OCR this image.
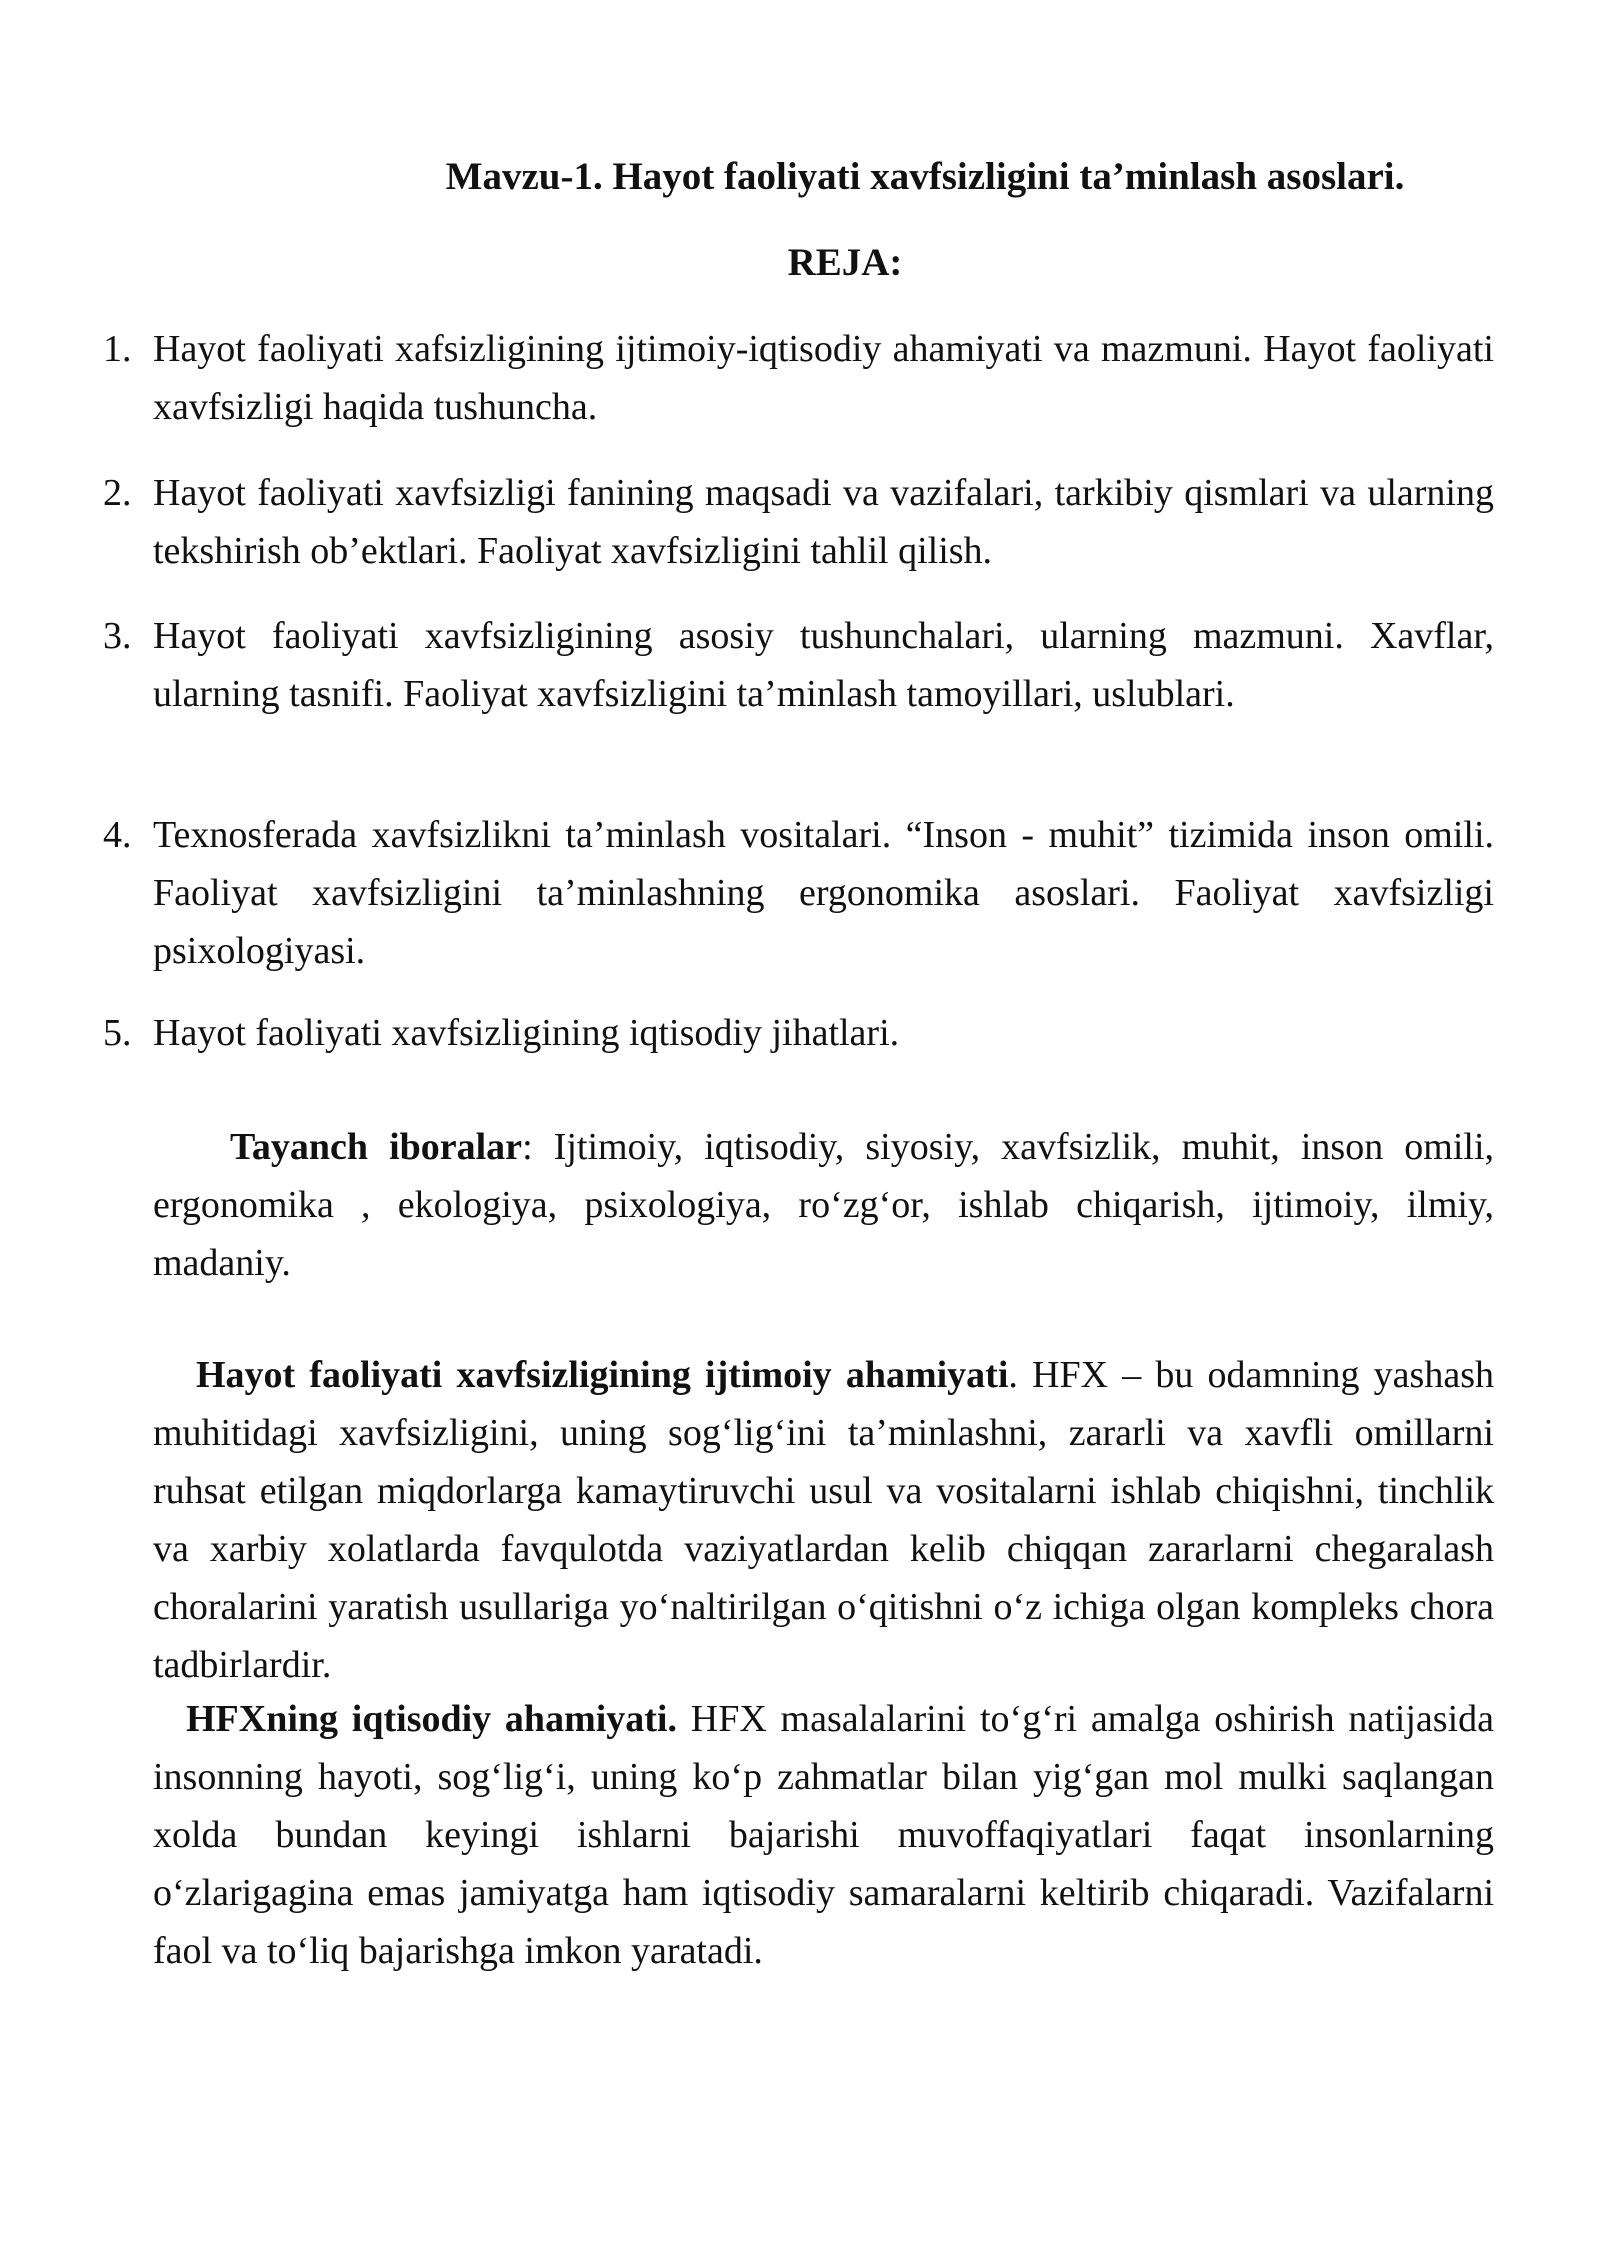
Mavzu-1. Hayot faoliyati xavfsizligini ta’minlash asoslari.
REJA:
1. Hayot faoliyati xafsizligining ijtimoiy-iqtisodiy ahamiyati va mazmuni. Hayot faoliyati xavfsizligi haqida tushuncha.
2. Hayot faoliyati xavfsizligi fanining maqsadi va vazifalari, tarkibiy qismlari va ularning tekshirish ob’ektlari. Faoliyat xavfsizligini tahlil qilish.
3. Hayot faoliyati xavfsizligining asosiy tushunchalari, ularning mazmuni. Xavflar, ularning tasnifi. Faoliyat xavfsizligini ta’minlash tamoyillari, uslublari.
4. Texnosferada xavfsizlikni ta’minlash vositalari. “Inson - muhit” tizimida inson omili. Faoliyat xavfsizligini ta’minlashning ergonomika asoslari. Faoliyat xavfsizligi psixologiyasi.
5. Hayot faoliyati xavfsizligining iqtisodiy jihatlari.
Tayanch iboralar: Ijtimoiy, iqtisodiy, siyosiy, xavfsizlik, muhit, inson omili, ergonomika , ekologiya, psixologiya, ro‘zg‘or, ishlab chiqarish, ijtimoiy, ilmiy, madaniy.
Hayot faoliyati xavfsizligining ijtimoiy ahamiyati. HFX – bu odamning yashash muhitidagi xavfsizligini, uning sog‘lig‘ini ta’minlashni, zararli va xavfli omillarni ruhsat etilgan miqdorlarga kamaytiruvchi usul va vositalarni ishlab chiqishni, tinchlik va xarbiy xolatlarda favqulotda vaziyatlardan kelib chiqqan zararlarni chegaralash choralarini yaratish usullariga yo‘naltirilgan o‘qitishni o‘z ichiga olgan kompleks chora tadbirlardir.
HFXning iqtisodiy ahamiyati. HFX masalalarini to‘g‘ri amalga oshirish natijasida insonning hayoti, sog‘lig‘i, uning ko‘p zahmatlar bilan yig‘gan mol mulki saqlangan xolda bundan keyingi ishlarni bajarishi muvoffaqiyatlari faqat insonlarning o‘zlarigagina emas jamiyatga ham iqtisodiy samaralarni keltirib chiqaradi. Vazifalarni faol va to‘liq bajarishga imkon yaratadi.
